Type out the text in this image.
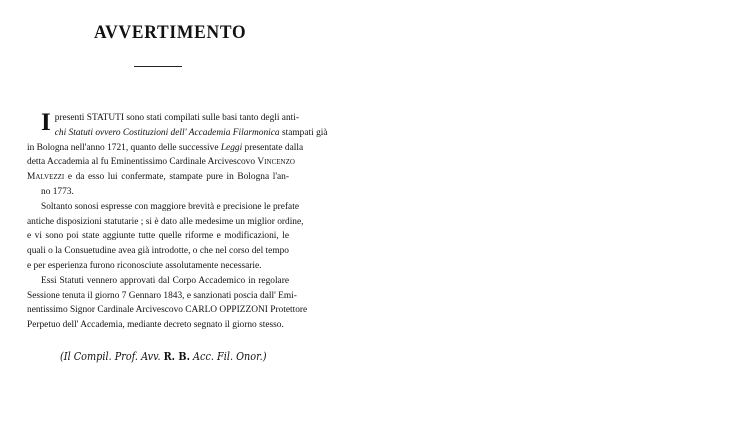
AVVERTIMENTO
I presenti STATUTI sono stati compilati sulle basi tanto degli anti-
chi Statuti ovvero Costituzioni dell' Accademia Filarmonica stampati già
in Bologna nell'anno 1721, quanto delle successive Leggi presentate dalla
detta Accademia al fu Eminentissimo Cardinale Arcivescovo Vincenzo
Malvezzi e da esso lui confermate, stampate pure in Bologna l'an-
no 1773.
Soltanto sonosi espresse con maggiore brevità e precisione le prefate
antiche disposizioni statutarie ; si è dato alle medesime un miglior ordine,
e vi sono poi state aggiunte tutte quelle riforme e modificazioni, le
quali o la Consuetudine avea già introdotte, o che nel corso del tempo
e per esperienza furono riconosciute assolutamente necessarie.
Essi Statuti vennero approvati dal Corpo Accademico in regolare
Sessione tenuta il giorno 7 Gennaro 1843, e sanzionati poscia dall' Emi-
nentissimo Signor Cardinale Arcivescovo CARLO OPPIZZONI Protettore
Perpetuo dell' Accademia, mediante decreto segnato il giorno stesso.
(Il Compil. Prof. Avv. R. B. Acc. Fil. Onor.)
